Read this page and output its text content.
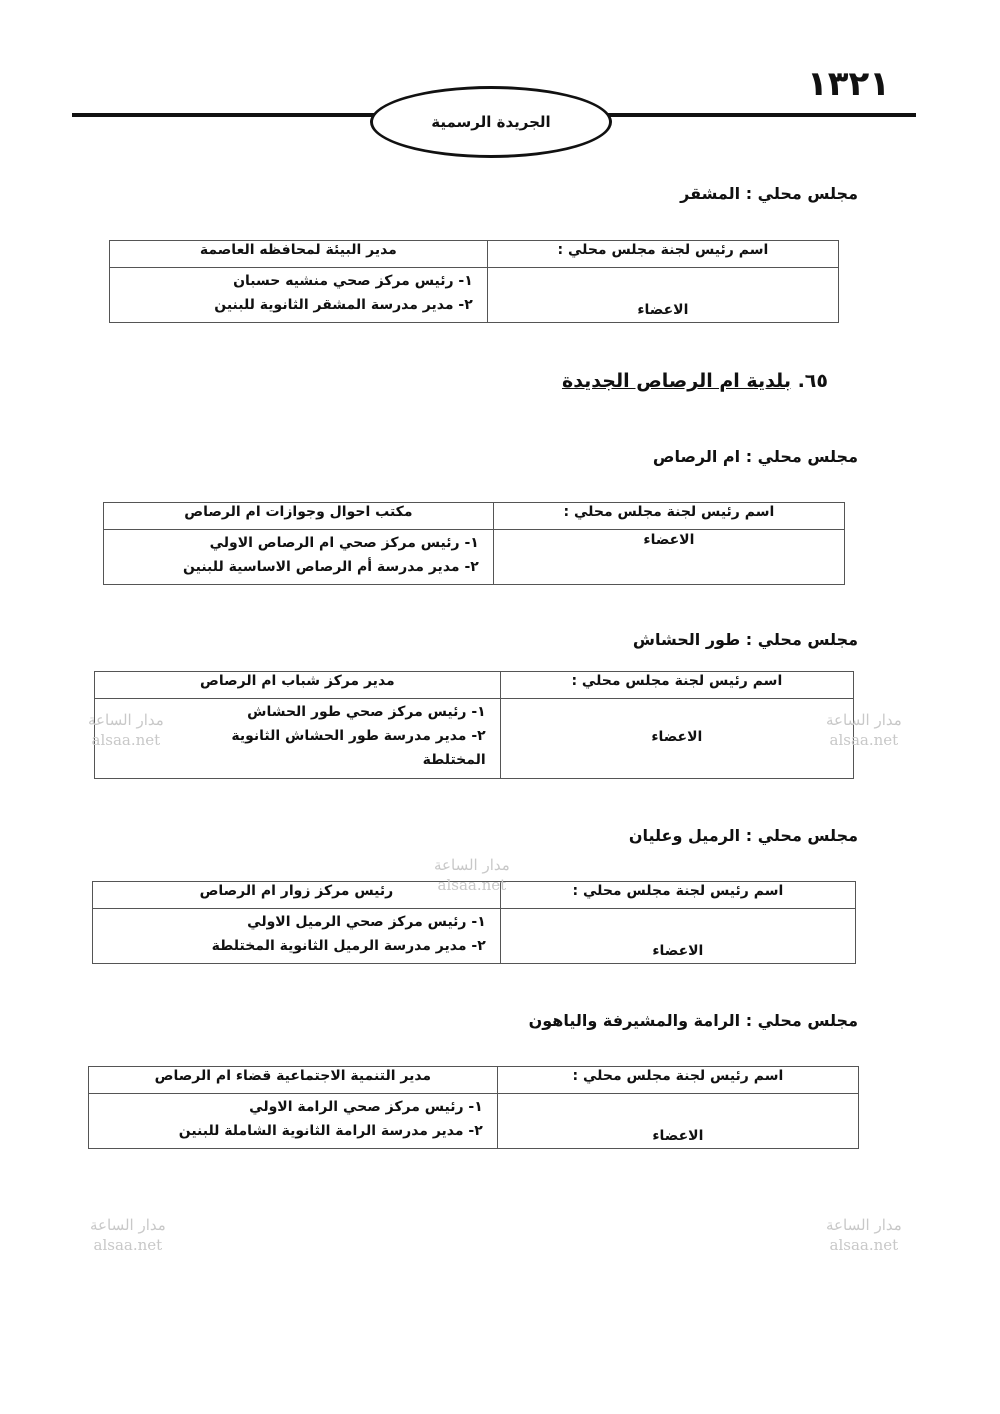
١٣٢١
الجريدة الرسمية
مجلس محلي : المشقر
اسم رئيس لجنة مجلس محلي :	مدير البيئة لمحافظه العاصمة
الاعضاء	١- رئيس مركز صحي منشيه حسبان
٢- مدير مدرسة المشقر الثانوية للبنين
٦٥. بلدية ام الرصاص الجديدة
مجلس محلي : ام الرصاص
اسم رئيس لجنة مجلس محلي :	مكتب احوال وجوازات ام الرصاص
الاعضاء	١- رئيس مركز صحي ام الرصاص الاولي
٢- مدير مدرسة أم الرصاص الاساسية للبنين
مجلس محلي : طور الحشاش
اسم رئيس لجنة مجلس محلي :	مدير مركز شباب ام الرصاص
الاعضاء	١- رئيس مركز صحي طور الحشاش
٢- مدير مدرسة طور الحشاش الثانوية
المختلطة
مجلس محلي : الرميل وعليان
اسم رئيس لجنة مجلس محلي :	رئيس مركز زوار ام الرصاص
الاعضاء	١- رئيس مركز صحي الرميل الاولي
٢- مدير مدرسة الرميل الثانوية المختلطة
مجلس محلي : الرامة والمشيرفة والياهون
اسم رئيس لجنة مجلس محلي :	مدير التنمية الاجتماعية قضاء ام الرصاص
الاعضاء	١- رئيس مركز صحي الرامة الاولي
٢- مدير مدرسة الرامة الثانوية الشاملة للبنين
مدار الساعة
alsaa.net
مدار الساعة
alsaa.net
مدار الساعة
alsaa.net
مدار الساعة
alsaa.net
مدار الساعة
alsaa.net
